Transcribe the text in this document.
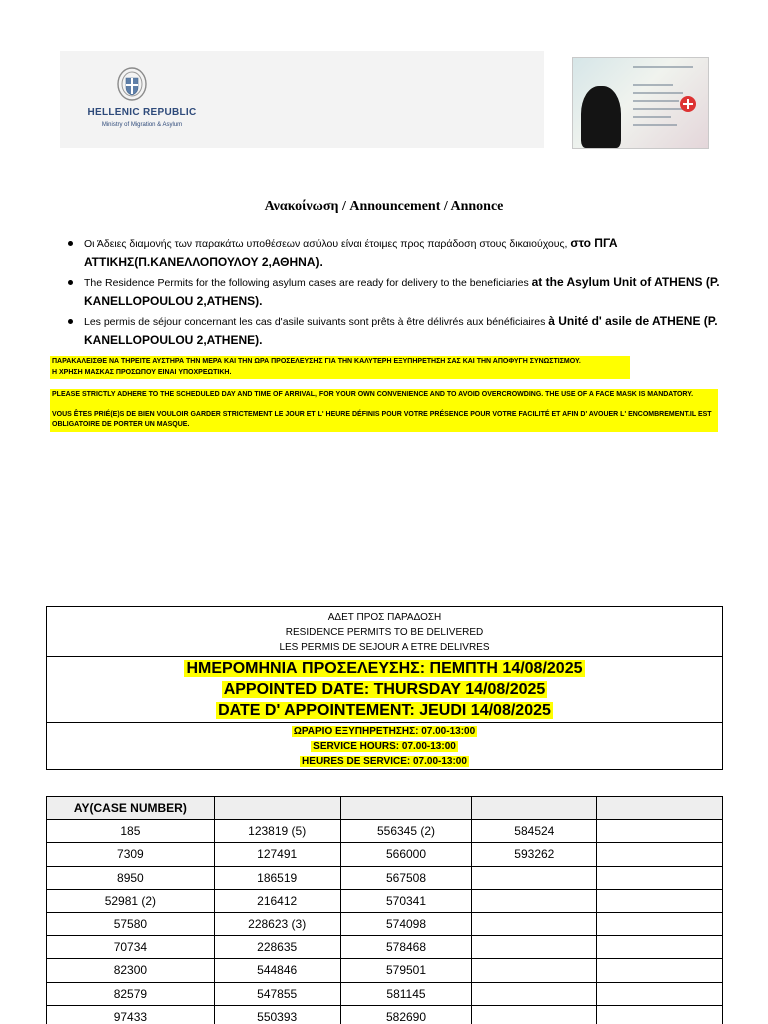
HELLENIC REPUBLIC
Ministry of Migration & Asylum
Ανακοίνωση / Announcement / Annonce
Οι Άδειες διαμονής των παρακάτω υποθέσεων ασύλου είναι έτοιμες προς παράδοση στους δικαιούχους, στο ΠΓΑ ΑΤΤΙΚΗΣ(Π.ΚΑΝΕΛΛΟΠΟΥΛΟΥ 2,ΑΘΗΝΑ).
The Residence Permits for the following asylum cases are ready for delivery to the beneficiaries at the Asylum Unit of ATHENS (P. KANELLOPOULOU 2,ATHENS).
Les permis de séjour concernant les cas d'asile suivants sont prêts à être délivrés aux bénéficiaires à Unité d' asile de ATHENE (P. KANELLOPOULOU 2,ATHENE).
ΠΑΡΑΚΑΛΕΙΣΘΕ ΝΑ ΤΗΡΕΙΤΕ ΑΥΣΤΗΡΑ ΤΗΝ ΜΕΡΑ ΚΑΙ ΤΗΝ ΩΡΑ ΠΡΟΣΕΛΕΥΣΗΣ ΓΙΑ ΤΗΝ ΚΑΛΥΤΕΡΗ ΕΞΥΠΗΡΕΤΗΣΗ ΣΑΣ ΚΑΙ ΤΗΝ ΑΠΟΦΥΓΗ ΣΥΝΩΣΤΙΣΜΟΥ.
Η ΧΡΗΣΗ ΜΑΣΚΑΣ ΠΡΟΣΩΠΟΥ ΕΙΝΑΙ ΥΠΟΧΡΕΩΤΙΚΗ.

PLEASE STRICTLY ADHERE TO THE SCHEDULED DAY AND TIME OF ARRIVAL, FOR YOUR OWN CONVENIENCE AND TO AVOID OVERCROWDING. THE USE OF A FACE MASK IS MANDATORY.

VOUS ÊTES PRIÉ(E)S DE BIEN VOULOIR GARDER STRICTEMENT LE JOUR ET L' HEURE DÉFINIS POUR VOTRE PRÉSENCE POUR VOTRE FACILITÉ ET AFIN D' AVOUER L' ENCOMBREMENT.IL EST OBLIGATOIRE DE PORTER UN MASQUE.

ΑΔΕΤ ΠΡΟΣ ΠΑΡΑΔΟΣΗ
RESIDENCE PERMITS TO BE DELIVERED
LES PERMIS DE SEJOUR A ETRE DELIVRES
ΗΜΕΡΟΜΗΝΙΑ ΠΡΟΣΕΛΕΥΣΗΣ: ΠΕΜΠΤΗ 14/08/2025
APPOINTED DATE: THURSDAY 14/08/2025
DATE D' APPOINTEMENT: JEUDI 14/08/2025
ΩΡΑΡΙΟ ΕΞΥΠΗΡΕΤΗΣΗΣ: 07.00-13:00
SERVICE HOURS: 07.00-13:00
HEURES DE SERVICE: 07.00-13:00
AY(CASE NUMBER)				
185	123819 (5)	556345 (2)	584524	
7309	127491	566000	593262	
8950	186519	567508		
52981 (2)	216412	570341		
57580	228623 (3)	574098		
70734	228635	578468		
82300	544846	579501		
82579	547855	581145		
97433	550393	582690		
